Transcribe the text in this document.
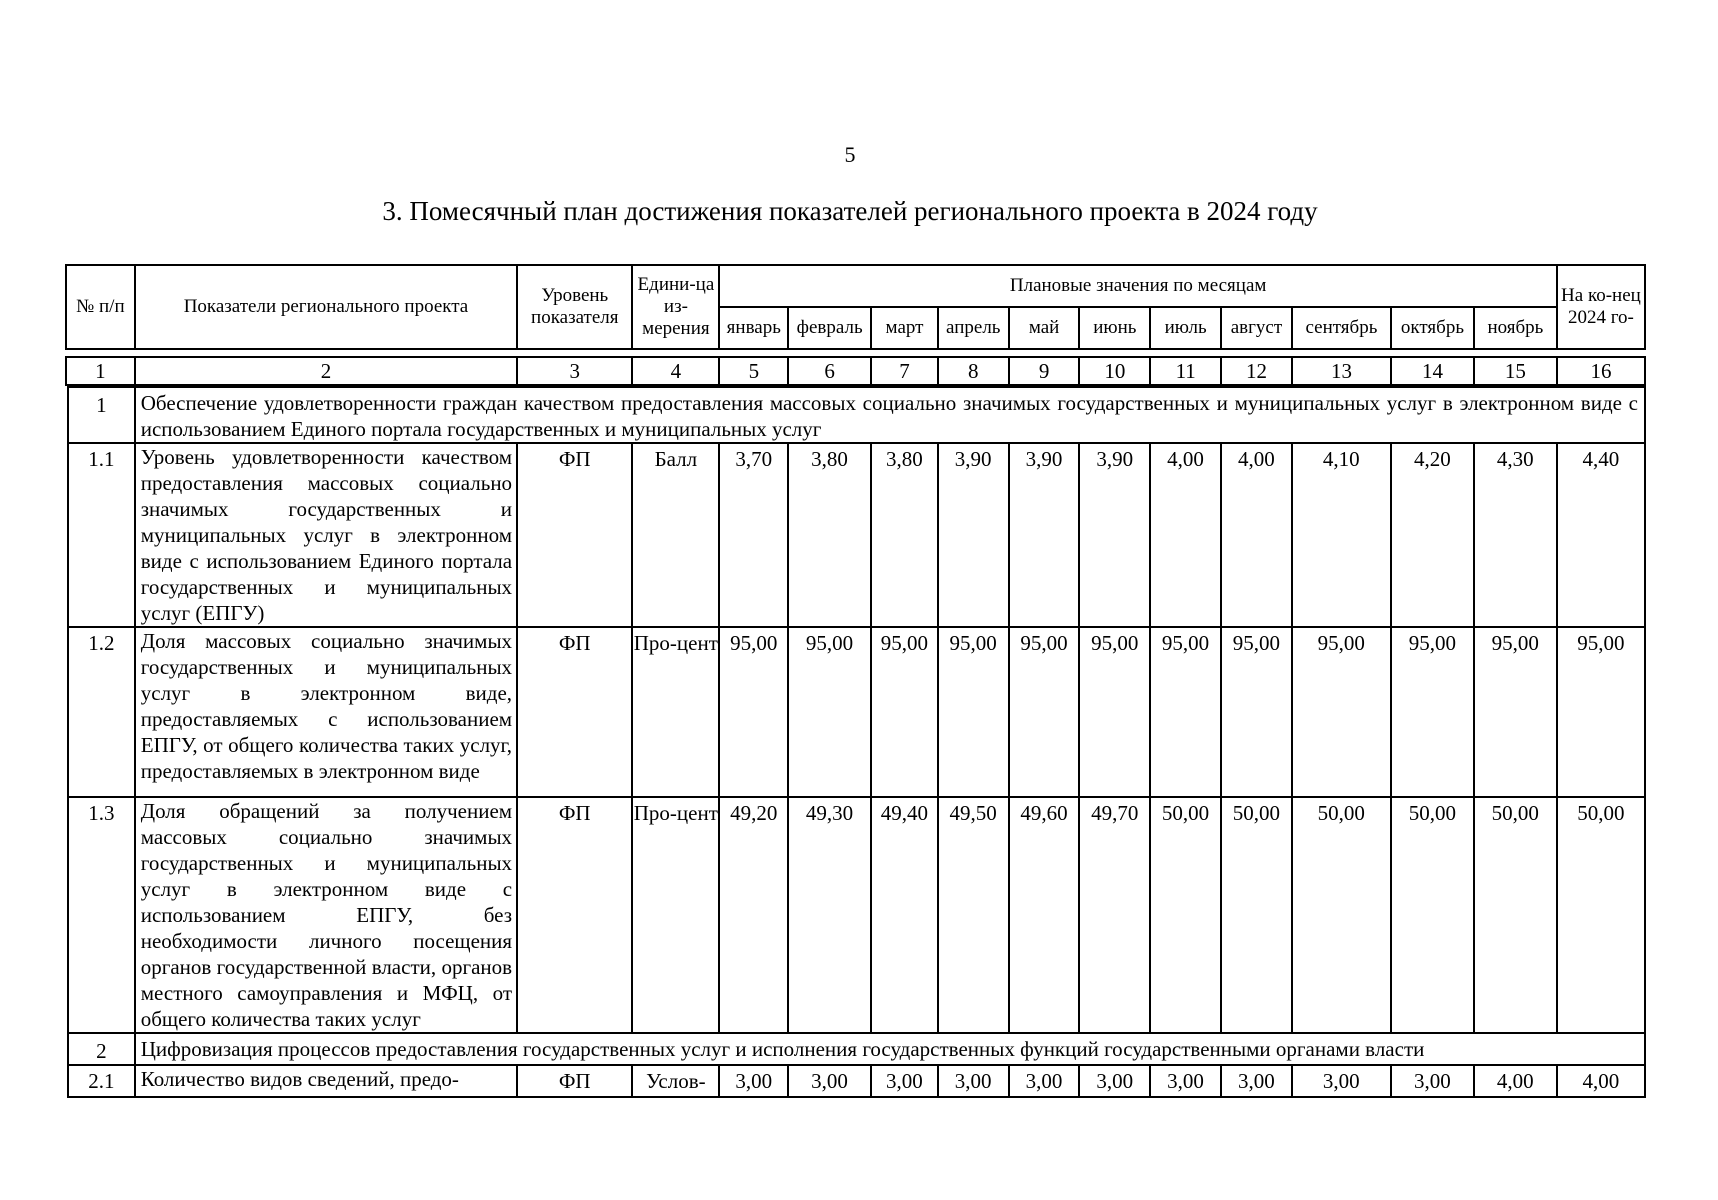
5
3. Помесячный план достижения показателей регионального проекта в 2024 году
№ п/п	Показатели регионального проекта	Уровень показателя	Едини-ца из-мерения	Плановые значения по месяцам											На ко-нец 2024 го-
				январь	февраль	март	апрель	май	июнь	июль	август	сентябрь	октябрь	ноябрь	
1	2	3	4	5	6	7	8	9	10	11	12	13	14	15	16
1	Обеспечение удовлетворенности граждан качеством предоставления массовых социально значимых государственных и муниципальных услуг в электронном виде с использованием Единого портала государственных и муниципальных услуг														
1.1	Уровень удовлетворенности качеством предоставления массовых социально значимых государственных и муниципальных услуг в электронном виде с использованием Единого портала государственных и муниципальных услуг (ЕПГУ)	ФП	Балл	3,70	3,80	3,80	3,90	3,90	3,90	4,00	4,00	4,10	4,20	4,30	4,40
1.2	Доля массовых социально значимых государственных и муниципальных услуг в электронном виде, предоставляемых с использованием ЕПГУ, от общего количества таких услуг, предоставляемых в электронном виде	ФП	Про-цент	95,00	95,00	95,00	95,00	95,00	95,00	95,00	95,00	95,00	95,00	95,00	95,00
1.3	Доля обращений за получением массовых социально значимых государственных и муниципальных услуг в электронном виде с использованием ЕПГУ, без необходимости личного посещения органов государственной власти, органов местного самоуправления и МФЦ, от общего количества таких услуг	ФП	Про-цент	49,20	49,30	49,40	49,50	49,60	49,70	50,00	50,00	50,00	50,00	50,00	50,00
2	Цифровизация процессов предоставления государственных услуг и исполнения государственных функций государственными органами власти														
2.1	Количество видов сведений, предо-	ФП	Услов-	3,00	3,00	3,00	3,00	3,00	3,00	3,00	3,00	3,00	3,00	4,00	4,00
